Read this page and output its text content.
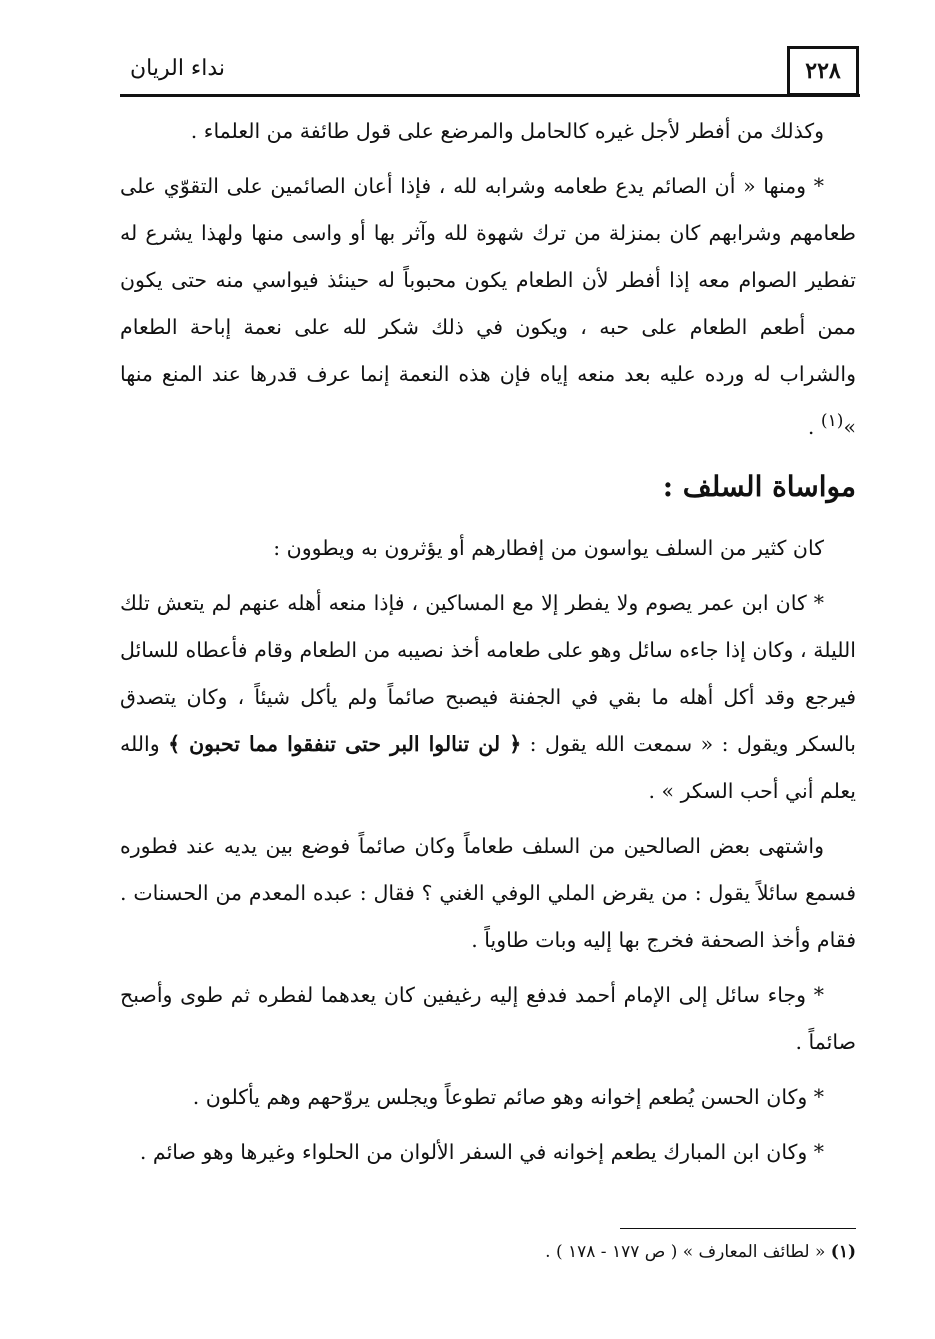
٢٢٨
نداء الريان

وكذلك من أفطر لأجل غيره كالحامل والمرضع على قول طائفة من العلماء .

* ومنها « أن الصائم يدع طعامه وشرابه لله ، فإذا أعان الصائمين على التقوّي على طعامهم وشرابهم كان بمنزلة من ترك شهوة لله وآثر بها أو واسى منها ولهذا يشرع له تفطير الصوام معه إذا أفطر لأن الطعام يكون محبوباً له حينئذ فيواسي منه حتى يكون ممن أطعم الطعام على حبه ، ويكون في ذلك شكر لله على نعمة إباحة الطعام والشراب له ورده عليه بعد منعه إياه فإن هذه النعمة إنما عرف قدرها عند المنع منها »$^{(١)}$ .

مواساة السلف :

كان كثير من السلف يواسون من إفطارهم أو يؤثرون به ويطوون :

* كان ابن عمر يصوم ولا يفطر إلا مع المساكين ، فإذا منعه أهله عنهم لم يتعش تلك الليلة ، وكان إذا جاءه سائل وهو على طعامه أخذ نصيبه من الطعام وقام فأعطاه للسائل فيرجع وقد أكل أهله ما بقي في الجفنة فيصبح صائماً ولم يأكل شيئاً ، وكان يتصدق بالسكر ويقول : « سمعت الله يقول : ﴿ لن تنالوا البر حتى تنفقوا مما تحبون ﴾ والله يعلم أني أحب السكر » .

واشتهى بعض الصالحين من السلف طعاماً وكان صائماً فوضع بين يديه عند فطوره فسمع سائلاً يقول : من يقرض الملي الوفي الغني ؟ فقال : عبده المعدم من الحسنات . فقام وأخذ الصحفة فخرج بها إليه وبات طاوياً .

* وجاء سائل إلى الإمام أحمد فدفع إليه رغيفين كان يعدهما لفطره ثم طوى وأصبح صائماً .

* وكان الحسن يُطعم إخوانه وهو صائم تطوعاً ويجلس يروّحهم وهم يأكلون .

* وكان ابن المبارك يطعم إخوانه في السفر الألوان من الحلواء وغيرها وهو صائم .

(١) « لطائف المعارف » ( ص ١٧٧ - ١٧٨ ) .
